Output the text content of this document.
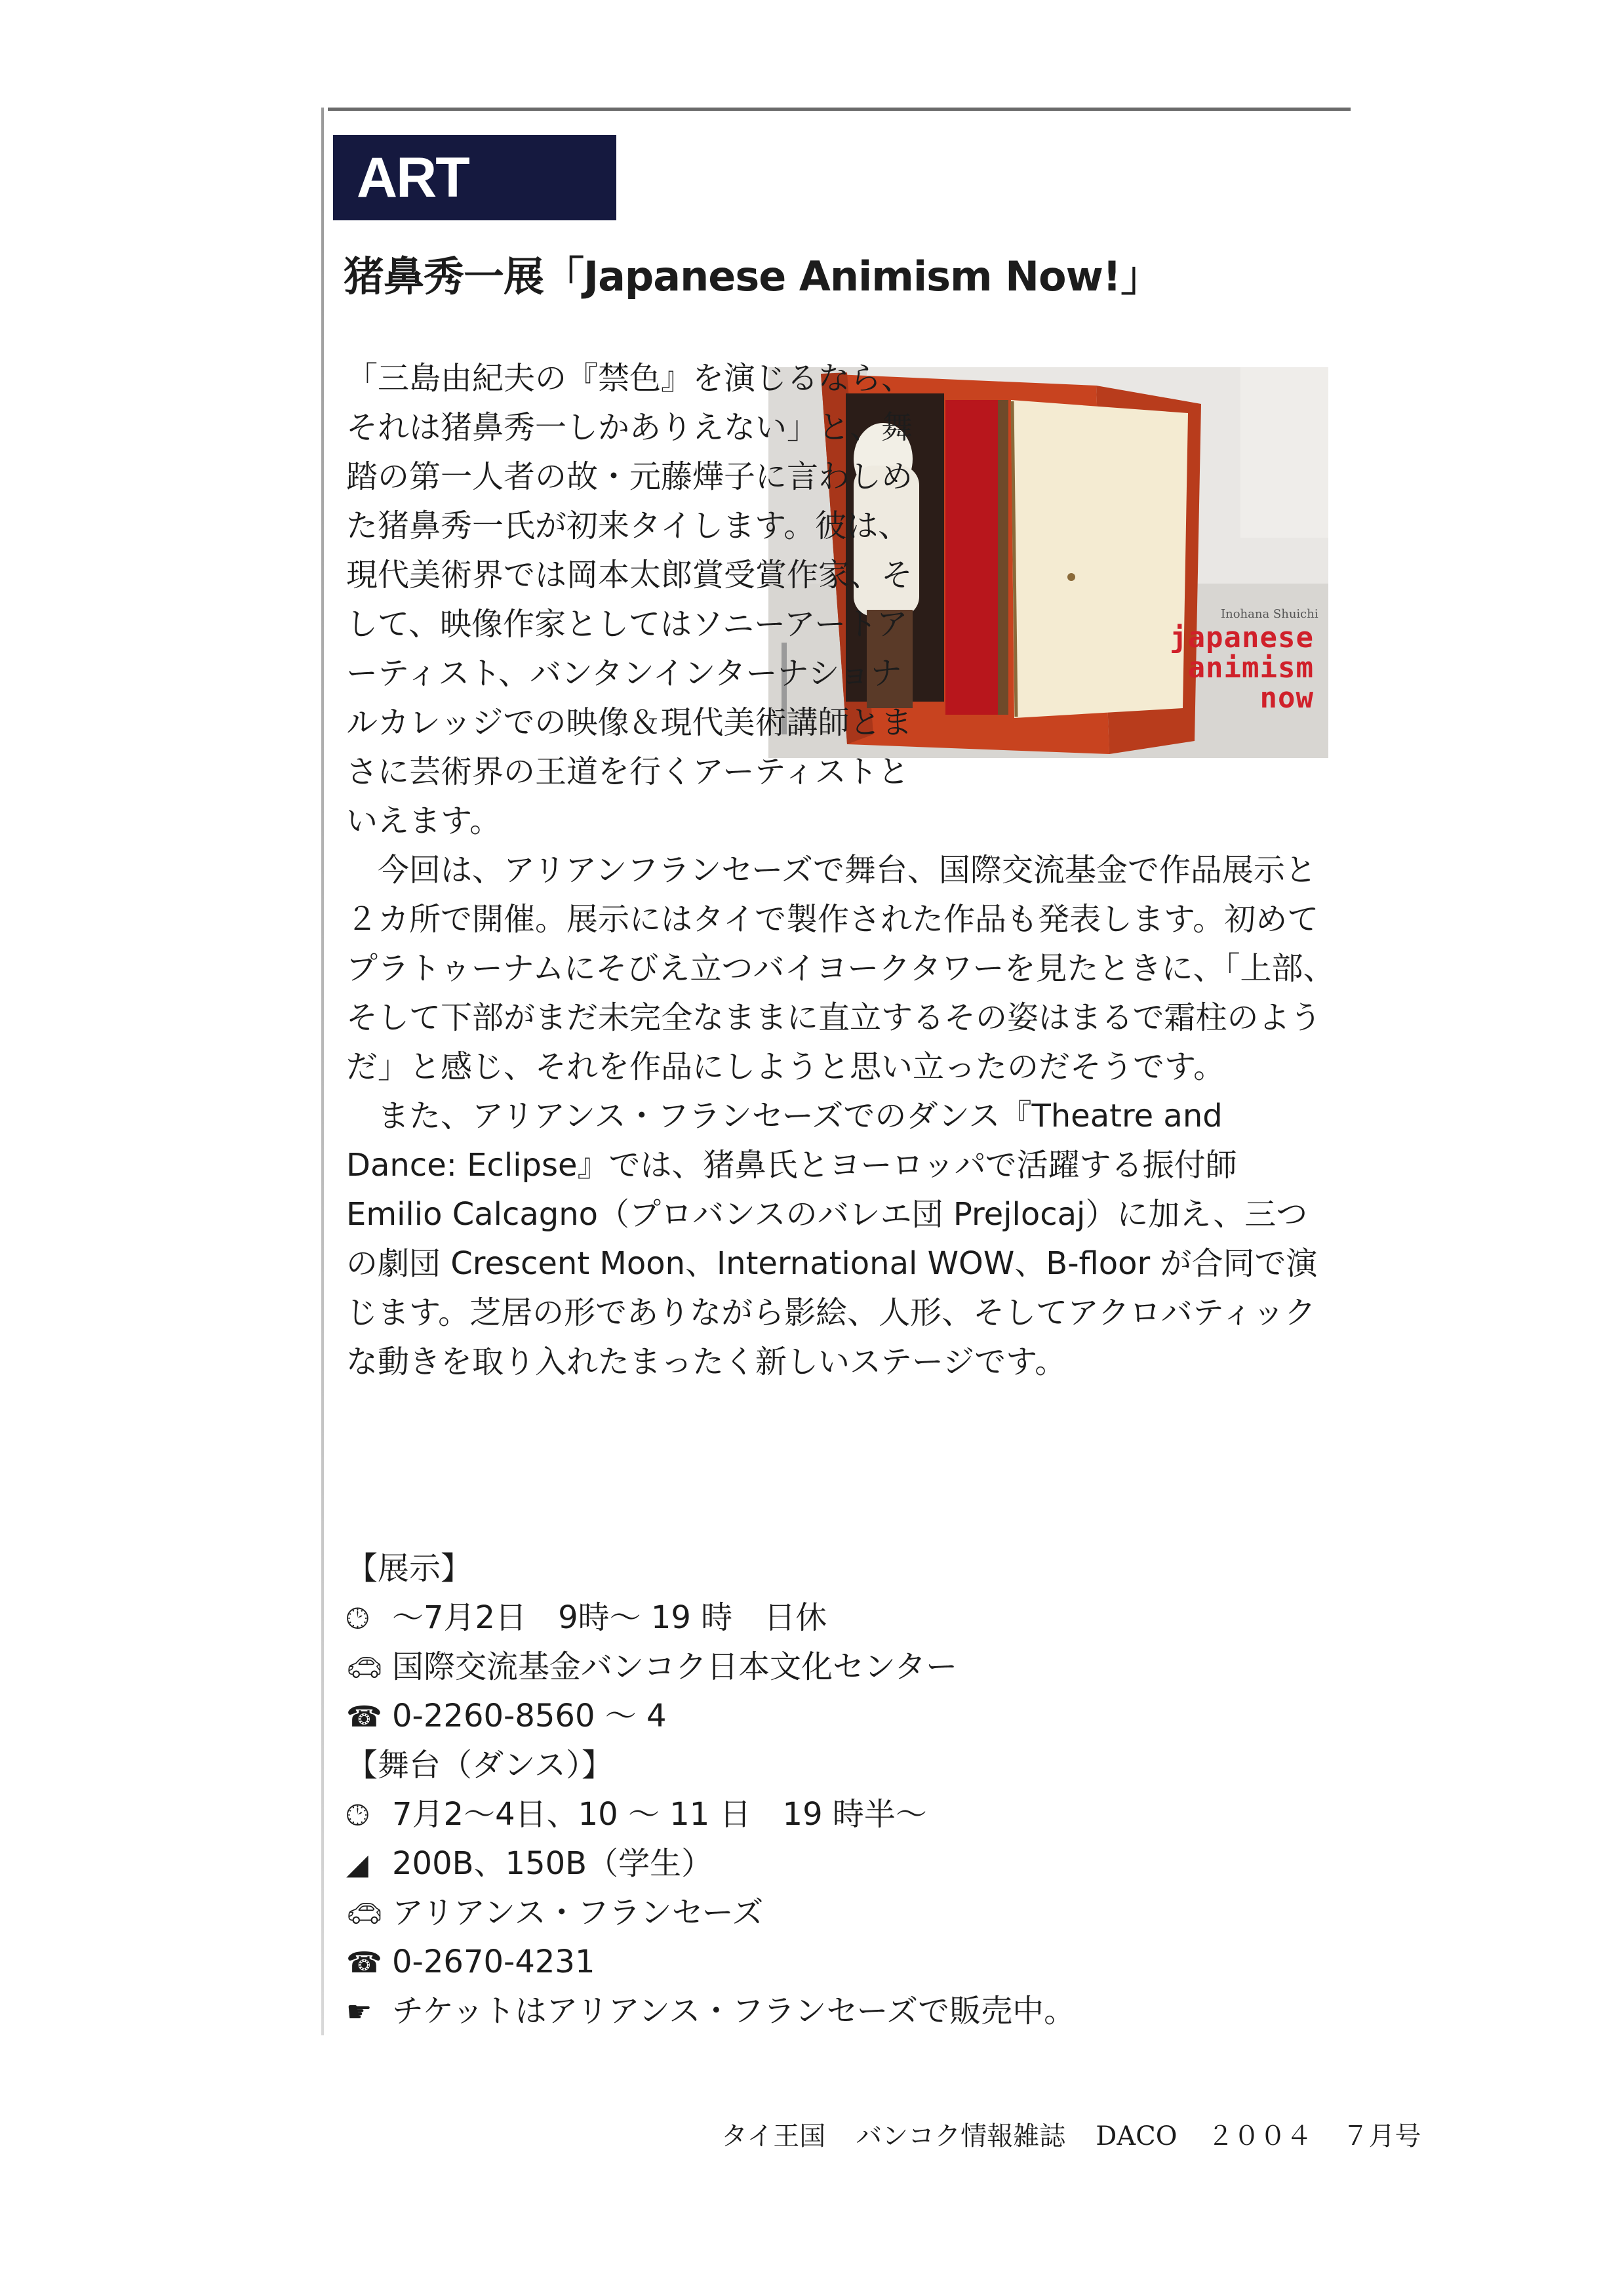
ART
猪鼻秀一展「Japanese Animism Now!」
Inohana Shuichi
japanese
animism
now

「三島由紀夫の『禁色』を演じるなら、それは猪鼻秀一しかありえない」と、舞踏の第一人者の故・元藤燁子に言わしめた猪鼻秀一氏が初来タイします。彼は、現代美術界では岡本太郎賞受賞作家、そして、映像作家としてはソニーアートアーティスト、バンタンインターナショナルカレッジでの映像＆現代美術講師とまさに芸術界の王道を行くアーティストといえます。

今回は、アリアンフランセーズで舞台、国際交流基金で作品展示と２カ所で開催。展示にはタイで製作された作品も発表します。初めてプラトゥーナムにそびえ立つバイヨークタワーを見たときに、「上部、そして下部がまだ未完全なままに直立するその姿はまるで霜柱のようだ」と感じ、それを作品にしようと思い立ったのだそうです。

また、アリアンス・フランセーズでのダンス『Theatre and Dance: Eclipse』では、猪鼻氏とヨーロッパで活躍する振付師 Emilio Calcagno（プロバンスのバレエ団 Prejlocaj）に加え、三つの劇団 Crescent Moon、International WOW、B-floor が合同で演じます。芝居の形でありながら影絵、人形、そしてアクロバティックな動きを取り入れたまったく新しいステージです。

【展示】
🕑︎ ～7月2日　9時～ 19 時　日休
🚗︎ 国際交流基金バンコク日本文化センター
☎ 0-2260-8560 ～ 4
【舞台（ダンス）】
🕑︎ 7月2～4日、10 ～ 11 日　19 時半～
◢ 200B、150B（学生）
🚗︎ アリアンス・フランセーズ
☎ 0-2670-4231
☛ チケットはアリアンス・フランセーズで販売中。
タイ王国 バンコク情報雑誌 DACO ２００４ ７月号
